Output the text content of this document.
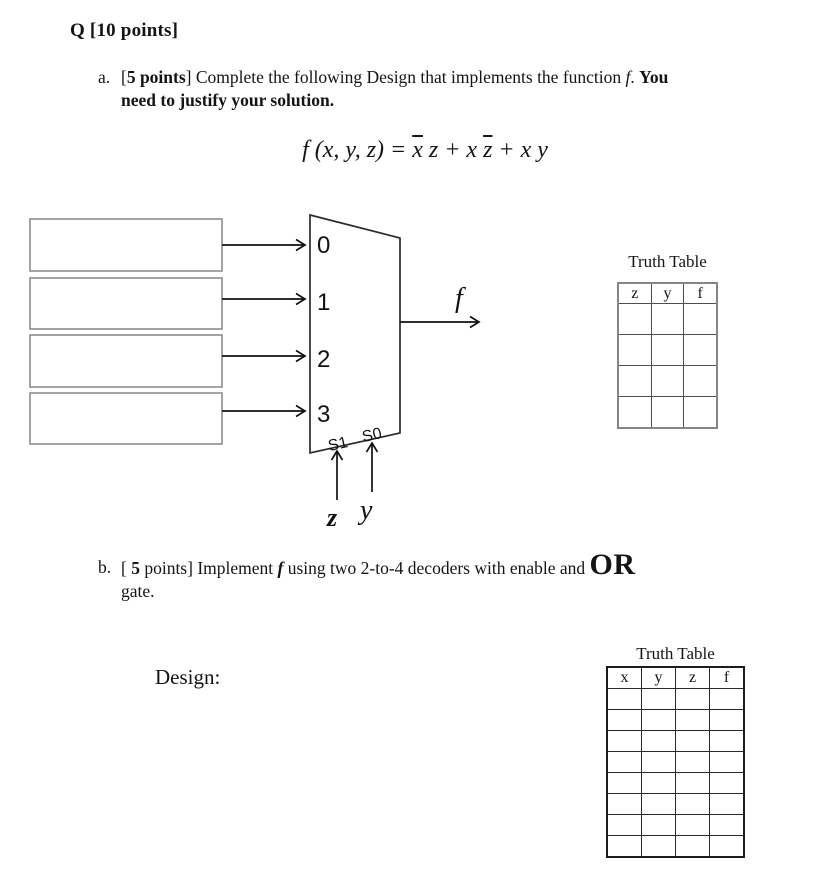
Q [10 points]
a. [5 points] Complete the following Design that implements the function f. You
need to justify your solution.
f (x, y, $z) = \overline{x}$ z + x $\overline{z} + x$ y
0
1
2
3
S1 S0
z y
f
Truth Table
z	y	f

b. [ 5 points] Implement f using two 2-to-4 decoders with enable and OR
gate.
Design:
Truth Table
x	y	z	f
